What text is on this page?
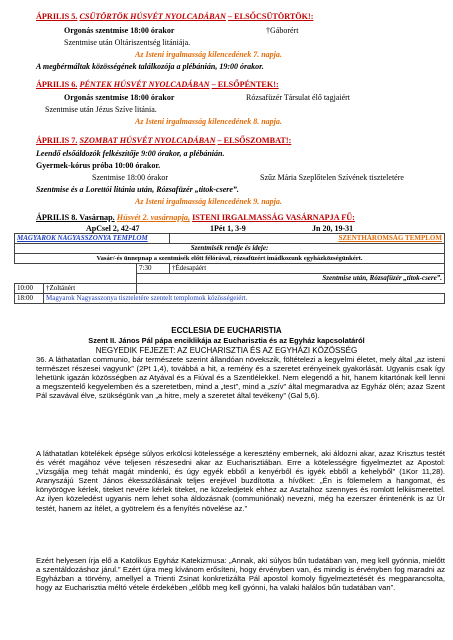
ÁPRILIS 5. CSÜTÖRTÖK HÚSVÉT NYOLCADÁBAN – ELSŐCSÜTÖRTÖK!:
Orgonás szentmise 18:00 órakor	†Gáborért
Szentmise után Oltáriszentség litániája.
Az Isteni irgalmasság kilencedének 7. napja.
A megbérmáltak közösségének találkozója a plébánián, 19:00 órakor.
ÁPRILIS 6. PÉNTEK HÚSVÉT NYOLCADÁBAN – ELSŐPÉNTEK!:
Orgonás szentmise 18:00 órakor	Rózsafüzér Társulat élő tagjaiért
Szentmise után Jézus Szíve litánia.
Az Isteni irgalmasság kilencedének 8. napja.
ÁPRILIS 7. SZOMBAT HÚSVÉT NYOLCADÁBAN – ELSŐSZOMBAT!:
Leendő elsőáldozók felkészítője 9:00 órakor, a plébánián.
Gyermek-kórus próba 10:00 órakor.
Szentmise 18:00 órakor	Szűz Mária Szeplőtelen Szívének tiszteletére
Szentmise és a Lorettói litánia után, Rózsafüzér „titok-csere”.
Az Isteni irgalmasság kilencedének 9. napja.
ÁPRILIS 8. Vasárnap. Húsvét 2. vasárnapja, ISTENI IRGALMASSÁG VASÁRNAPJA FŰ:
ApCsel 2, 42-47	1Pét 1, 3-9	Jn 20, 19-31
MAGYAROK NAGYASSZONYA TEMPLOM			SZENTHÁROMSÁG TEMPLOM
Szentmisék rendje és ideje:			
Vasár/-és ünnepnap a szentmisék előtt félórával, rózsafüzért imádkozunk egyházközségünkért.			
		7:30	†Édesapáért
		Szentmise után, Rózsafüzér „titok-csere”.	
10:00	†Zoltánért		
18:00	Magyarok Nagyasszonya tiszteletére szentelt templomok közösségeiért.		
ECCLESIA DE EUCHARISTIA
Szent II. János Pál pápa enciklikája az Eucharisztia és az Egyház kapcsolatáról
NEGYEDIK FEJEZET: AZ EUCHARISZTIA ÉS AZ EGYHÁZI KÖZÖSSÉG

36. A láthatatlan communio, bár természete szerint állandóan növekszik, föltételezi a kegyelmi életet, mely által „az isteni természet részesei vagyunk” (2Pt 1,4), továbbá a hit, a remény és a szeretet erényeinek gyakorlását. Ugyanis csak így lehetünk igazán közösségben az Atyával és a Fiúval és a Szentlélekkel. Nem elegendő a hit, hanem kitartónak kell lenni a megszentelő kegyelemben és a szeretetben, mind a „test”, mind a „szív” által megmaradva az Egyház ölén; azaz Szent Pál szavával élve, szükségünk van „a hitre, mely a szeretet által tevékeny” (Gal 5,6).

A láthatatlan kötelékek épsége súlyos erkölcsi kötelessége a keresztény embernek, aki áldozni akar, azaz Krisztus testét és vérét magához véve teljesen részesedni akar az Eucharisztiában. Erre a kötelességre figyelmeztet az Apostol: „Vizsgálja meg tehát magát mindenki, és úgy egyék ebből a kenyérből és igyék ebből a kehelyből” (1Kor 11,28). Aranyszájú Szent János ékesszólásának teljes erejével buzdította a hívőket: „Én is fölemelem a hangomat, és könyörögve kérlek, titeket nevére kérlek titeket, ne közeledjetek ehhez az Asztalhoz szennyes és romlott lelkiismerettel. Az ilyen közeledést ugyanis nem lehet soha áldozásnak (communiónak) nevezni, még ha ezerszer érintenénk is az Úr testét, hanem az ítélet, a gyötrelem és a fenyítés növelése az.”

Ezért helyesen írja elő a Katolikus Egyház Katekizmusa: „Annak, aki súlyos bűn tudatában van, meg kell gyónnia, mielőtt a szentáldozáshoz járul.” Ezért újra meg kívánom erősíteni, hogy érvényben van, és mindig is érvényben fog maradni az Egyházban a törvény, amellyel a Trienti Zsinat konkretizálta Pál apostol komoly figyelmeztetését és megparancsolta, hogy az Eucharisztia méltó vétele érdekében „előbb meg kell gyónni, ha valaki halálos bűn tudatában van”.
